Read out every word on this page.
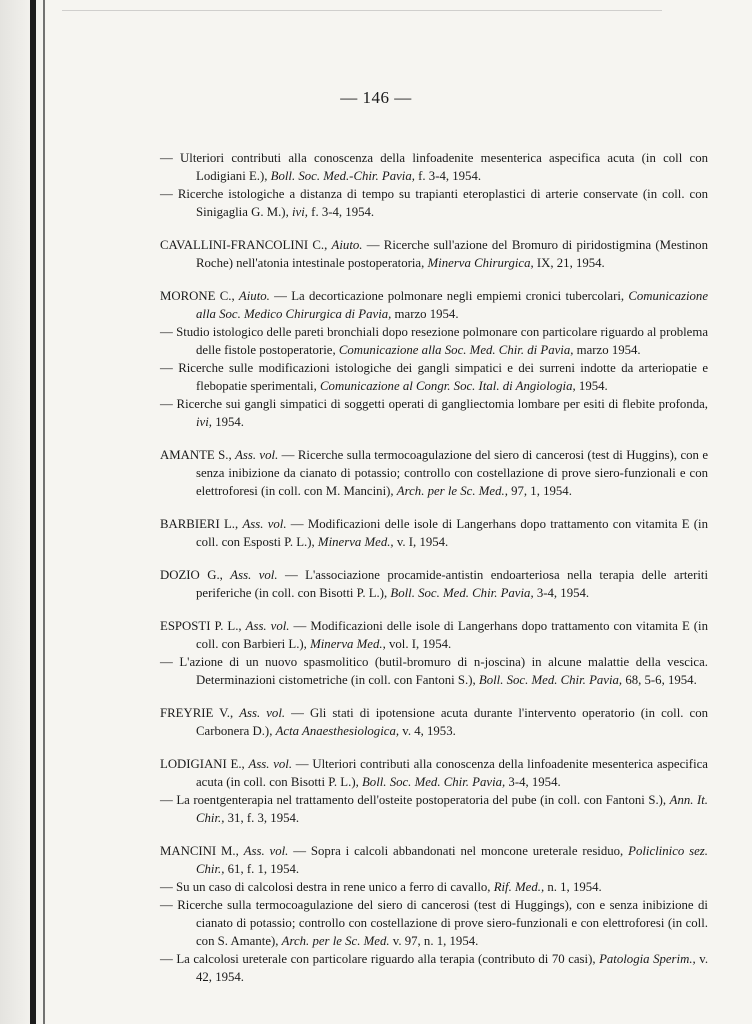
— 146 —

— Ulteriori contributi alla conoscenza della linfoadenite mesenterica aspecifica acuta (in coll con Lodigiani E.), Boll. Soc. Med.-Chir. Pavia, f. 3-4, 1954.

— Ricerche istologiche a distanza di tempo su trapianti eteroplastici di arterie conservate (in coll. con Sinigaglia G. M.), ivi, f. 3-4, 1954.

CAVALLINI-FRANCOLINI C., Aiuto. — Ricerche sull'azione del Bromuro di piridostigmina (Mestinon Roche) nell'atonia intestinale postoperatoria, Minerva Chirurgica, IX, 21, 1954.

MORONE C., Aiuto. — La decorticazione polmonare negli empiemi cronici tubercolari, Comunicazione alla Soc. Medico Chirurgica di Pavia, marzo 1954.

— Studio istologico delle pareti bronchiali dopo resezione polmonare con particolare riguardo al problema delle fistole postoperatorie, Comunicazione alla Soc. Med. Chir. di Pavia, marzo 1954.

— Ricerche sulle modificazioni istologiche dei gangli simpatici e dei surreni indotte da arteriopatie e flebopatie sperimentali, Comunicazione al Congr. Soc. Ital. di Angiologia, 1954.

— Ricerche sui gangli simpatici di soggetti operati di gangliectomia lombare per esiti di flebite profonda, ivi, 1954.

AMANTE S., Ass. vol. — Ricerche sulla termocoagulazione del siero di cancerosi (test di Huggins), con e senza inibizione da cianato di potassio; controllo con costellazione di prove siero-funzionali e con elettroforesi (in coll. con M. Mancini), Arch. per le Sc. Med., 97, 1, 1954.

BARBIERI L., Ass. vol. — Modificazioni delle isole di Langerhans dopo trattamento con vitamita E (in coll. con Esposti P. L.), Minerva Med., v. I, 1954.

DOZIO G., Ass. vol. — L'associazione procamide-antistin endoarteriosa nella terapia delle arteriti periferiche (in coll. con Bisotti P. L.), Boll. Soc. Med. Chir. Pavia, 3-4, 1954.

ESPOSTI P. L., Ass. vol. — Modificazioni delle isole di Langerhans dopo trattamento con vitamita E (in coll. con Barbieri L.), Minerva Med., vol. I, 1954.

— L'azione di un nuovo spasmolitico (butil-bromuro di n-joscina) in alcune malattie della vescica. Determinazioni cistometriche (in coll. con Fantoni S.), Boll. Soc. Med. Chir. Pavia, 68, 5-6, 1954.

FREYRIE V., Ass. vol. — Gli stati di ipotensione acuta durante l'intervento operatorio (in coll. con Carbonera D.), Acta Anaesthesiologica, v. 4, 1953.

LODIGIANI E., Ass. vol. — Ulteriori contributi alla conoscenza della linfoadenite mesenterica aspecifica acuta (in coll. con Bisotti P. L.), Boll. Soc. Med. Chir. Pavia, 3-4, 1954.

— La roentgenterapia nel trattamento dell'osteite postoperatoria del pube (in coll. con Fantoni S.), Ann. It. Chir., 31, f. 3, 1954.

MANCINI M., Ass. vol. — Sopra i calcoli abbandonati nel moncone ureterale residuo, Policlinico sez. Chir., 61, f. 1, 1954.

— Su un caso di calcolosi destra in rene unico a ferro di cavallo, Rif. Med., n. 1, 1954.

— Ricerche sulla termocoagulazione del siero di cancerosi (test di Huggings), con e senza inibizione di cianato di potassio; controllo con costellazione di prove siero-funzionali e con elettroforesi (in coll. con S. Amante), Arch. per le Sc. Med. v. 97, n. 1, 1954.

— La calcolosi ureterale con particolare riguardo alla terapia (contributo di 70 casi), Patologia Sperim., v. 42, 1954.
